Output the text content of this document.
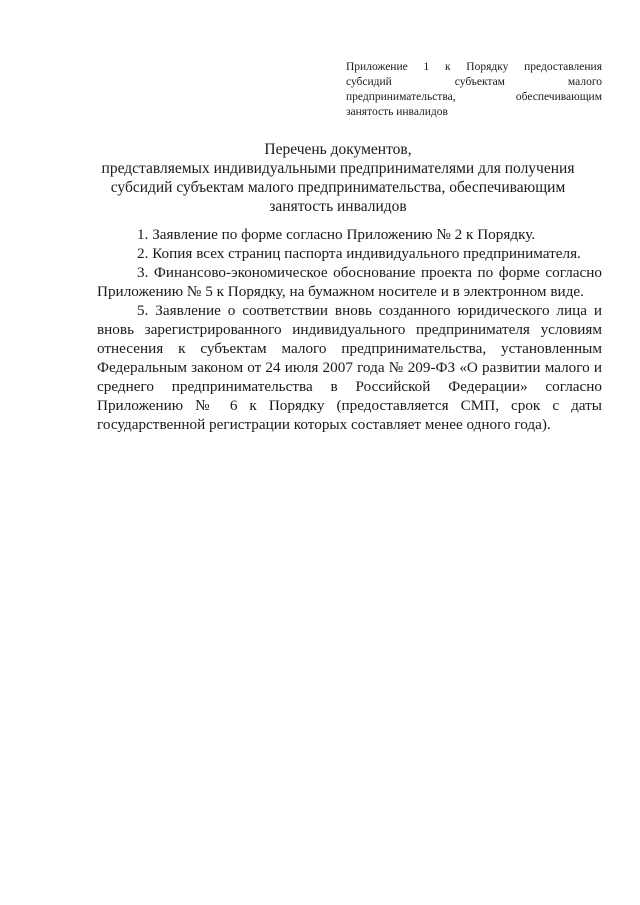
Приложение 1 к Порядку предоставления
субсидий субъектам малого
предпринимательства, обеспечивающим
занятость инвалидов
Перечень документов,
представляемых индивидуальными предпринимателями для получения
субсидий субъектам малого предпринимательства, обеспечивающим
занятость инвалидов
1. Заявление по форме согласно Приложению № 2 к Порядку.
2. Копия всех страниц паспорта индивидуального предпринимателя.
3. Финансово-экономическое обоснование проекта по форме согласно
Приложению № 5 к Порядку, на бумажном носителе и в электронном виде.
5. Заявление о соответствии вновь созданного юридического лица и
вновь зарегистрированного индивидуального предпринимателя условиям
отнесения к субъектам малого предпринимательства, установленным
Федеральным законом от 24 июля 2007 года № 209-ФЗ «О развитии малого и
среднего предпринимательства в Российской Федерации» согласно
Приложению № 6 к Порядку (предоставляется СМП, срок с даты
государственной регистрации которых составляет менее одного года).
